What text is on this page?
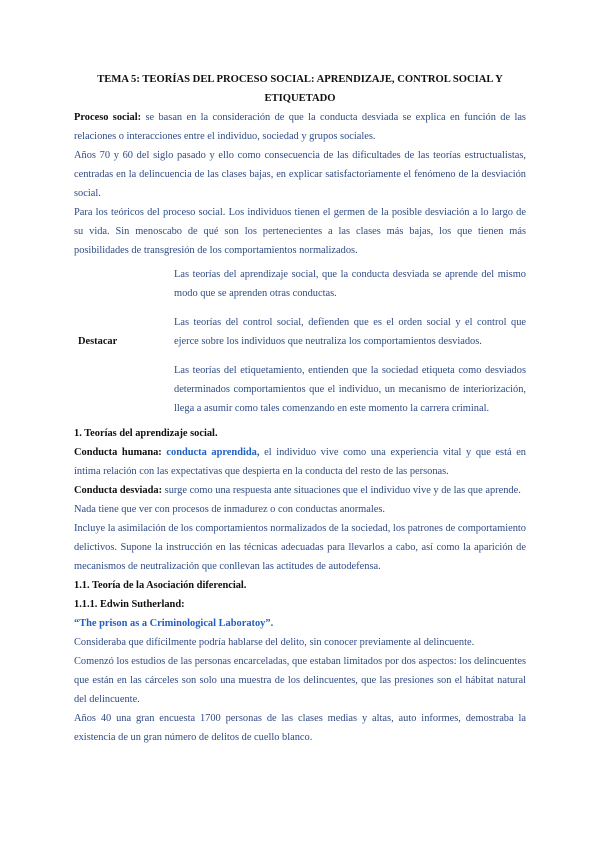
TEMA 5: TEORÍAS DEL PROCESO SOCIAL: APRENDIZAJE, CONTROL SOCIAL Y ETIQUETADO

Proceso social: se basan en la consideración de que la conducta desviada se explica en función de las relaciones o interacciones entre el individuo, sociedad y grupos sociales.

Años 70 y 60 del siglo pasado y ello como consecuencia de las dificultades de las teorías estructualistas, centradas en la delincuencia de las clases bajas, en explicar satisfactoriamente el fenómeno de la desviación social.

Para los teóricos del proceso social. Los individuos tienen el germen de la posible desviación a lo largo de su vida. Sin menoscabo de qué son los pertenecientes a las clases más bajas, los que tienen más posibilidades de transgresión de los comportamientos normalizados.

Destacar

Las teorías del aprendizaje social, que la conducta desviada se aprende del mismo modo que se aprenden otras conductas.

Las teorías del control social, defienden que es el orden social y el control que ejerce sobre los individuos que neutraliza los comportamientos desviados.

Las teorías del etiquetamiento, entienden que la sociedad etiqueta como desviados determinados comportamientos que el individuo, un mecanismo de interiorización, llega a asumir como tales comenzando en este momento la carrera criminal.

1. Teorías del aprendizaje social.

Conducta humana: conducta aprendida, el individuo vive como una experiencia vital y que está en íntima relación con las expectativas que despierta en la conducta del resto de las personas.

Conducta desviada: surge como una respuesta ante situaciones que el individuo vive y de las que aprende.

Nada tiene que ver con procesos de inmadurez o con conductas anormales.

Incluye la asimilación de los comportamientos normalizados de la sociedad, los patrones de comportamiento delictivos. Supone la instrucción en las técnicas adecuadas para llevarlos a cabo, así como la aparición de mecanismos de neutralización que conllevan las actitudes de autodefensa.

1.1. Teoría de la Asociación diferencial.
1.1.1. Edwin Sutherland:
“The prison as a Criminological Laboratoy”.

Consideraba que difícilmente podría hablarse del delito, sin conocer previamente al delincuente.

Comenzó los estudios de las personas encarceladas, que estaban limitados por dos aspectos: los delincuentes que están en las cárceles son solo una muestra de los delincuentes, que las presiones son el hábitat natural del delincuente.

Años 40 una gran encuesta 1700 personas de las clases medias y altas, auto informes, demostraba la existencia de un gran número de delitos de cuello blanco.
